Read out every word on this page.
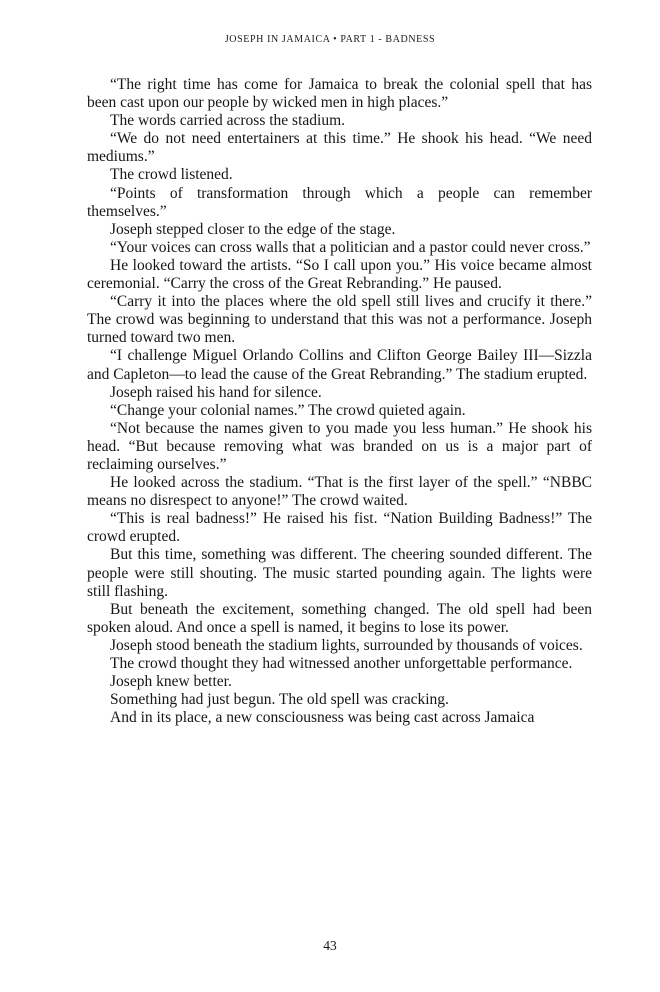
JOSEPH IN JAMAICA • PART 1 - BADNESS

“The right time has come for Jamaica to break the colonial spell that has been cast upon our people by wicked men in high places.”

The words carried across the stadium.

“We do not need entertainers at this time.” He shook his head. “We need mediums.”

The crowd listened.

“Points of transformation through which a people can remember themselves.”

Joseph stepped closer to the edge of the stage.

“Your voices can cross walls that a politician and a pastor could never cross.”

He looked toward the artists. “So I call upon you.” His voice became almost ceremonial. “Carry the cross of the Great Rebranding.” He paused.

“Carry it into the places where the old spell still lives and crucify it there.” The crowd was beginning to understand that this was not a performance. Joseph turned toward two men.

“I challenge Miguel Orlando Collins and Clifton George Bailey III—Sizzla and Capleton—to lead the cause of the Great Rebranding.” The stadium erupted.

Joseph raised his hand for silence.

“Change your colonial names.” The crowd quieted again.

“Not because the names given to you made you less human.” He shook his head. “But because removing what was branded on us is a major part of reclaiming ourselves.”

He looked across the stadium. “That is the first layer of the spell.” “NBBC means no disrespect to anyone!” The crowd waited.

“This is real badness!” He raised his fist. “Nation Building Badness!” The crowd erupted.

But this time, something was different. The cheering sounded different. The people were still shouting. The music started pounding again. The lights were still flashing.

But beneath the excitement, something changed. The old spell had been spoken aloud. And once a spell is named, it begins to lose its power.

Joseph stood beneath the stadium lights, surrounded by thousands of voices.

The crowd thought they had witnessed another unforgettable performance.

Joseph knew better.

Something had just begun. The old spell was cracking.

And in its place, a new consciousness was being cast across Jamaica

43
